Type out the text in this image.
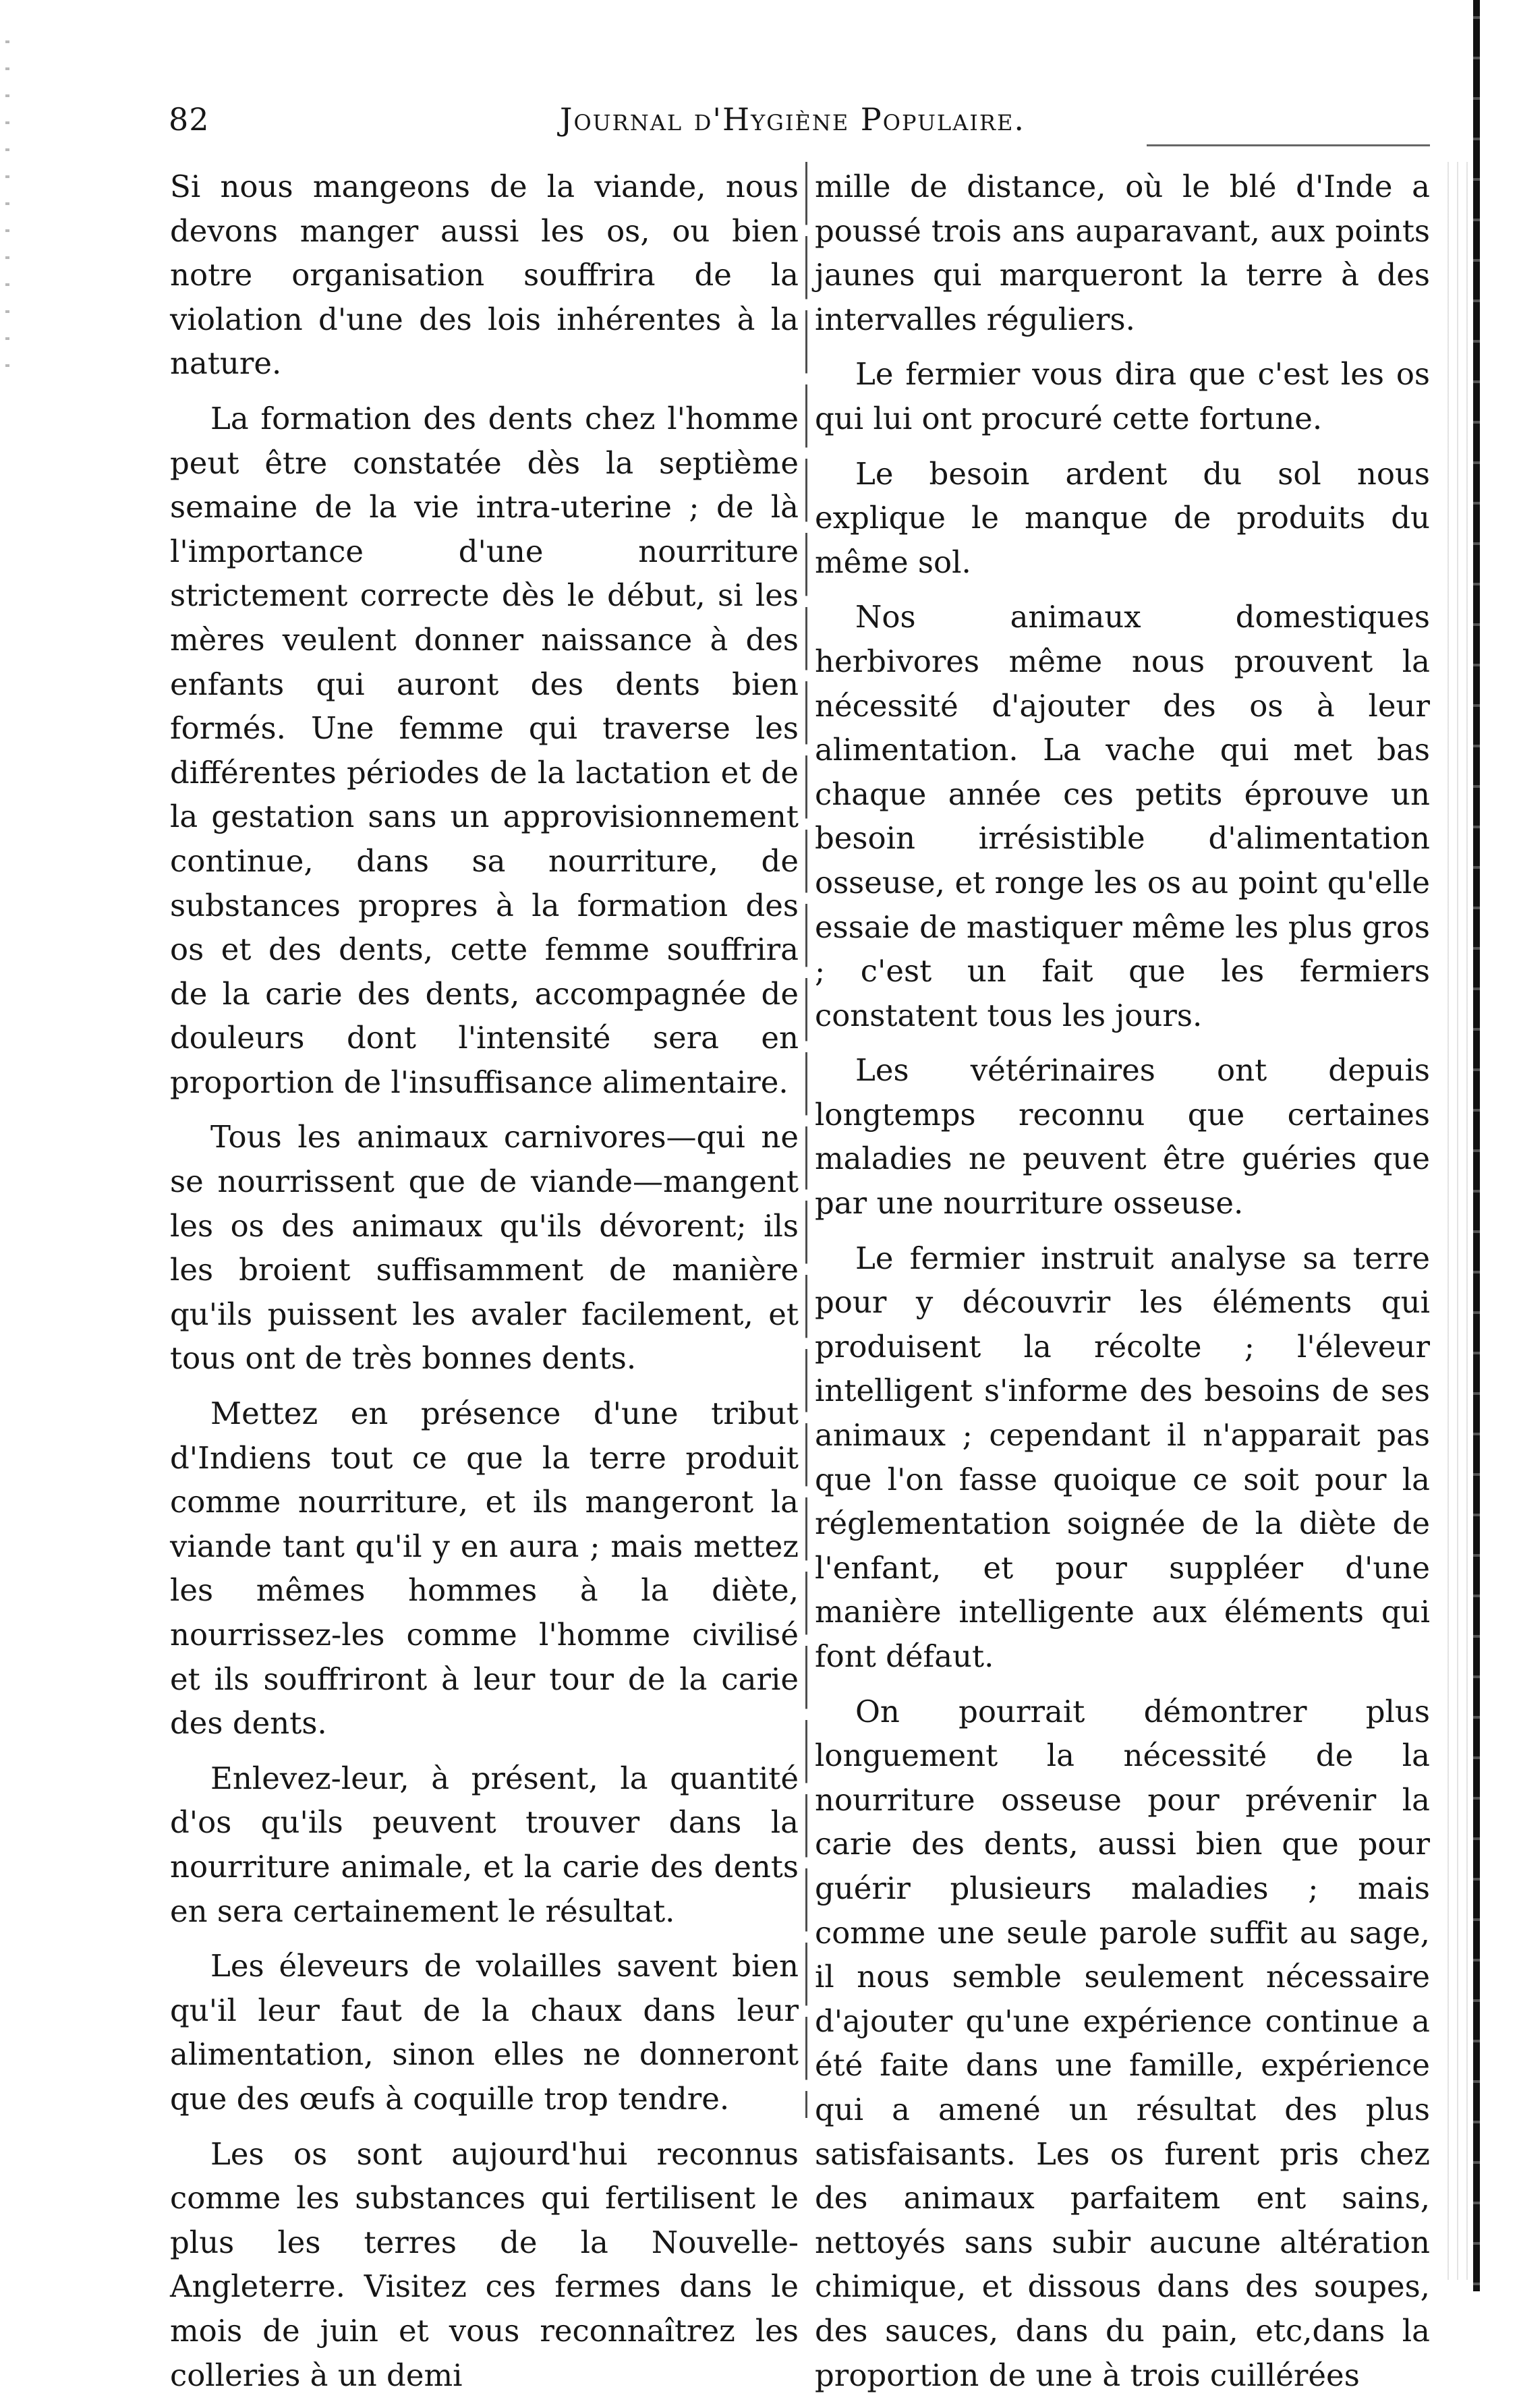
82	Journal d'Hygiène Populaire.

Si nous mangeons de la viande, nous devons manger aussi les os, ou bien notre organisation souffrira de la violation d'une des lois inhérentes à la nature.

La formation des dents chez l'homme peut être constatée dès la septième semaine de la vie intra-uterine ; de là l'importance d'une nourriture strictement correcte dès le début, si les mères veulent donner naissance à des enfants qui auront des dents bien formés. Une femme qui traverse les différentes périodes de la lactation et de la gestation sans un approvisionnement continue, dans sa nourriture, de substances propres à la formation des os et des dents, cette femme souffrira de la carie des dents, accompagnée de douleurs dont l'intensité sera en proportion de l'insuffisance alimentaire.

Tous les animaux carnivores—qui ne se nourrissent que de viande—mangent les os des animaux qu'ils dévorent; ils les broient suffisamment de manière qu'ils puissent les avaler facilement, et tous ont de très bonnes dents.

Mettez en présence d'une tribut d'Indiens tout ce que la terre produit comme nourriture, et ils mangeront la viande tant qu'il y en aura ; mais mettez les mêmes hommes à la diète, nourrissez-les comme l'homme civilisé et ils souffriront à leur tour de la carie des dents.

Enlevez-leur, à présent, la quantité d'os qu'ils peuvent trouver dans la nourriture animale, et la carie des dents en sera certainement le résultat.

Les éleveurs de volailles savent bien qu'il leur faut de la chaux dans leur alimentation, sinon elles ne donneront que des œufs à coquille trop tendre.

Les os sont aujourd'hui reconnus comme les substances qui fertilisent le plus les terres de la Nouvelle-Angleterre. Visitez ces fermes dans le mois de juin et vous reconnaîtrez les colleries à un demi

mille de distance, où le blé d'Inde a poussé trois ans auparavant, aux points jaunes qui marqueront la terre à des intervalles réguliers.

Le fermier vous dira que c'est les os qui lui ont procuré cette fortune.

Le besoin ardent du sol nous explique le manque de produits du même sol.

Nos animaux domestiques herbivores même nous prouvent la nécessité d'ajouter des os à leur alimentation. La vache qui met bas chaque année ces petits éprouve un besoin irrésistible d'alimentation osseuse, et ronge les os au point qu'elle essaie de mastiquer même les plus gros ; c'est un fait que les fermiers constatent tous les jours.

Les vétérinaires ont depuis longtemps reconnu que certaines maladies ne peuvent être guéries que par une nourriture osseuse.

Le fermier instruit analyse sa terre pour y découvrir les éléments qui produisent la récolte ; l'éleveur intelligent s'informe des besoins de ses animaux ; cependant il n'apparait pas que l'on fasse quoique ce soit pour la réglementation soignée de la diète de l'enfant, et pour suppléer d'une manière intelligente aux éléments qui font défaut.

On pourrait démontrer plus longuement la nécessité de la nourriture osseuse pour prévenir la carie des dents, aussi bien que pour guérir plusieurs maladies ; mais comme une seule parole suffit au sage, il nous semble seulement nécessaire d'ajouter qu'une expérience continue a été faite dans une famille, expérience qui a amené un résultat des plus satisfaisants. Les os furent pris chez des animaux parfaitem ent sains, nettoyés sans subir aucune altération chimique, et dissous dans des soupes, des sauces, dans du pain, etc,dans la proportion de une à trois cuillérées
